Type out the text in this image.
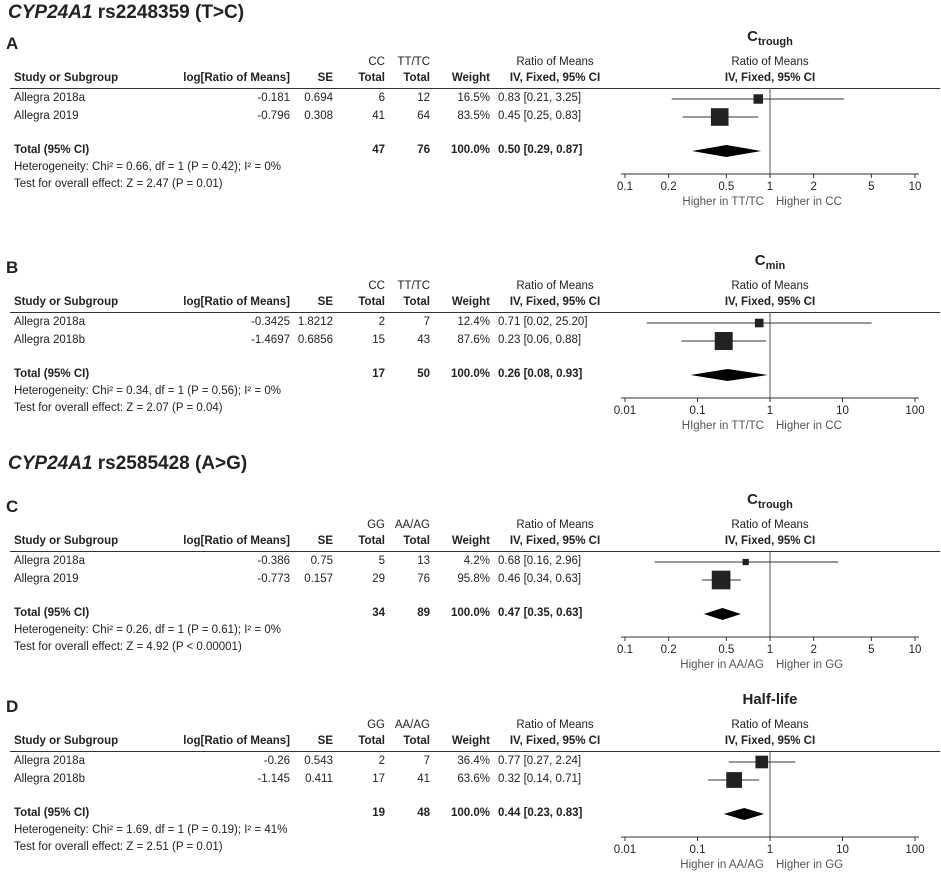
CYP24A1 rs2248359 (T>C)
CYP24A1 rs2585428 (A>G)
A	$C_{trough}$
CC	TT/TC	Ratio of Means	Ratio of Means
Study or Subgroup	log[Ratio of Means]	SE	Total	Total	Weight	IV, Fixed, 95% CI	IV, Fixed, 95% CI
Allegra 2018a	-0.181	0.694	6	12	16.5% 0.83 [0.21, 3.25]
Allegra 2019	-0.796	0.308	41	64	83.5% 0.45 [0.25, 0.83]
Total (95% CI)	47	76	100.0% 0.50 [0.29, 0.87]
Heterogeneity: Chi² = 0.66, df = 1 (P = 0.42); I² = 0%
Test for overall effect: Z = 2.47 (P = 0.01)	0.1 0.2	0.5	1	2	5	10
Higher in TT/TC Higher in CC
B	$C_{min}$
CC	TT/TC	Ratio of Means	Ratio of Means
Study or Subgroup	log[Ratio of Means]	SE	Total	Total	Weight	IV, Fixed, 95% CI	IV, Fixed, 95% CI
Allegra 2018a	-0.3425 1.8212	2	7	12.4% 0.71 [0.02, 25.20]
Allegra 2018b	-1.4697 0.6856	15	43	87.6% 0.23 [0.06, 0.88]
Total (95% CI)	17	50	100.0% 0.26 [0.08, 0.93]
Heterogeneity: Chi² = 0.34, df = 1 (P = 0.56); I² = 0%
Test for overall effect: Z = 2.07 (P = 0.04)	0.01	0.1	1	10	100
HIgher in TT/TC Higher in CC
C	$C_{trough}$
GG AA/AG	Ratio of Means	Ratio of Means
Study or Subgroup	log[Ratio of Means]	SE	Total	Total	Weight	IV, Fixed, 95% CI	IV, Fixed, 95% CI
Allegra 2018a	-0.386	0.75	5	13	4.2% 0.68 [0.16, 2.96]
Allegra 2019	-0.773	0.157	29	76	95.8% 0.46 [0.34, 0.63]
Total (95% CI)	34	89	100.0% 0.47 [0.35, 0.63]
Heterogeneity: Chi² = 0.26, df = 1 (P = 0.61); I² = 0%
Test for overall effect: Z = 4.92 (P < 0.00001)	0.1 0.2	0.5	1	2	5	10
Higher in AA/AG Higher in GG
D	Half-life
GG AA/AG	Ratio of Means	Ratio of Means
Study or Subgroup	log[Ratio of Means]	SE	Total	Total	Weight	IV, Fixed, 95% CI	IV, Fixed, 95% CI
Allegra 2018a	-0.26	0.543	2	7	36.4% 0.77 [0.27, 2.24]
Allegra 2018b	-1.145	0.411	17	41	63.6% 0.32 [0.14, 0.71]
Total (95% CI)	19	48	100.0% 0.44 [0.23, 0.83]
Heterogeneity: Chi² = 1.69, df = 1 (P = 0.19); I² = 41%
Test for overall effect: Z = 2.51 (P = 0.01)	0.01	0.1	1	10	100
Higher in AA/AG Higher in GG
